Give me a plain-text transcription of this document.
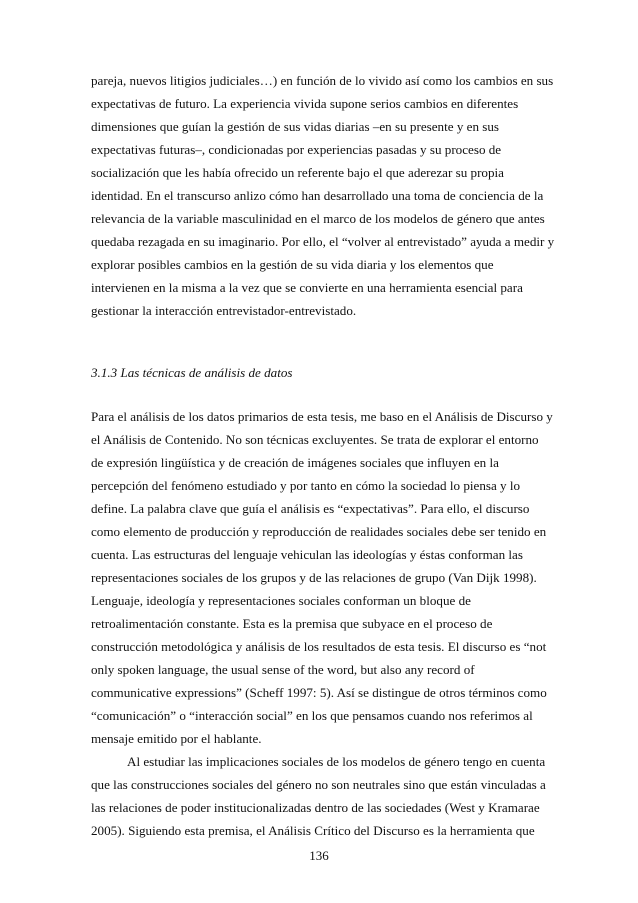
pareja, nuevos litigios judiciales…) en función de lo vivido así como los cambios en sus
expectativas de futuro. La experiencia vivida supone serios cambios en diferentes
dimensiones que guían la gestión de sus vidas diarias –en su presente y en sus
expectativas futuras–, condicionadas por experiencias pasadas y su proceso de
socialización que les había ofrecido un referente bajo el que aderezar su propia
identidad. En el transcurso anlizo cómo han desarrollado una toma de conciencia de la
relevancia de la variable masculinidad en el marco de los modelos de género que antes
quedaba rezagada en su imaginario. Por ello, el “volver al entrevistado” ayuda a medir y
explorar posibles cambios en la gestión de su vida diaria y los elementos que
intervienen en la misma a la vez que se convierte en una herramienta esencial para
gestionar la interacción entrevistador-entrevistado.
3.1.3 Las técnicas de análisis de datos
Para el análisis de los datos primarios de esta tesis, me baso en el Análisis de Discurso y
el Análisis de Contenido. No son técnicas excluyentes. Se trata de explorar el entorno
de expresión lingüística y de creación de imágenes sociales que influyen en la
percepción del fenómeno estudiado y por tanto en cómo la sociedad lo piensa y lo
define. La palabra clave que guía el análisis es “expectativas”. Para ello, el discurso
como elemento de producción y reproducción de realidades sociales debe ser tenido en
cuenta. Las estructuras del lenguaje vehiculan las ideologías y éstas conforman las
representaciones sociales de los grupos y de las relaciones de grupo (Van Dijk 1998).
Lenguaje, ideología y representaciones sociales conforman un bloque de
retroalimentación constante. Esta es la premisa que subyace en el proceso de
construcción metodológica y análisis de los resultados de esta tesis. El discurso es “not
only spoken language, the usual sense of the word, but also any record of
communicative expressions” (Scheff 1997: 5). Así se distingue de otros términos como
“comunicación” o “interacción social” en los que pensamos cuando nos referimos al
mensaje emitido por el hablante.
Al estudiar las implicaciones sociales de los modelos de género tengo en cuenta
que las construcciones sociales del género no son neutrales sino que están vinculadas a
las relaciones de poder institucionalizadas dentro de las sociedades (West y Kramarae
2005). Siguiendo esta premisa, el Análisis Crítico del Discurso es la herramienta que
136
